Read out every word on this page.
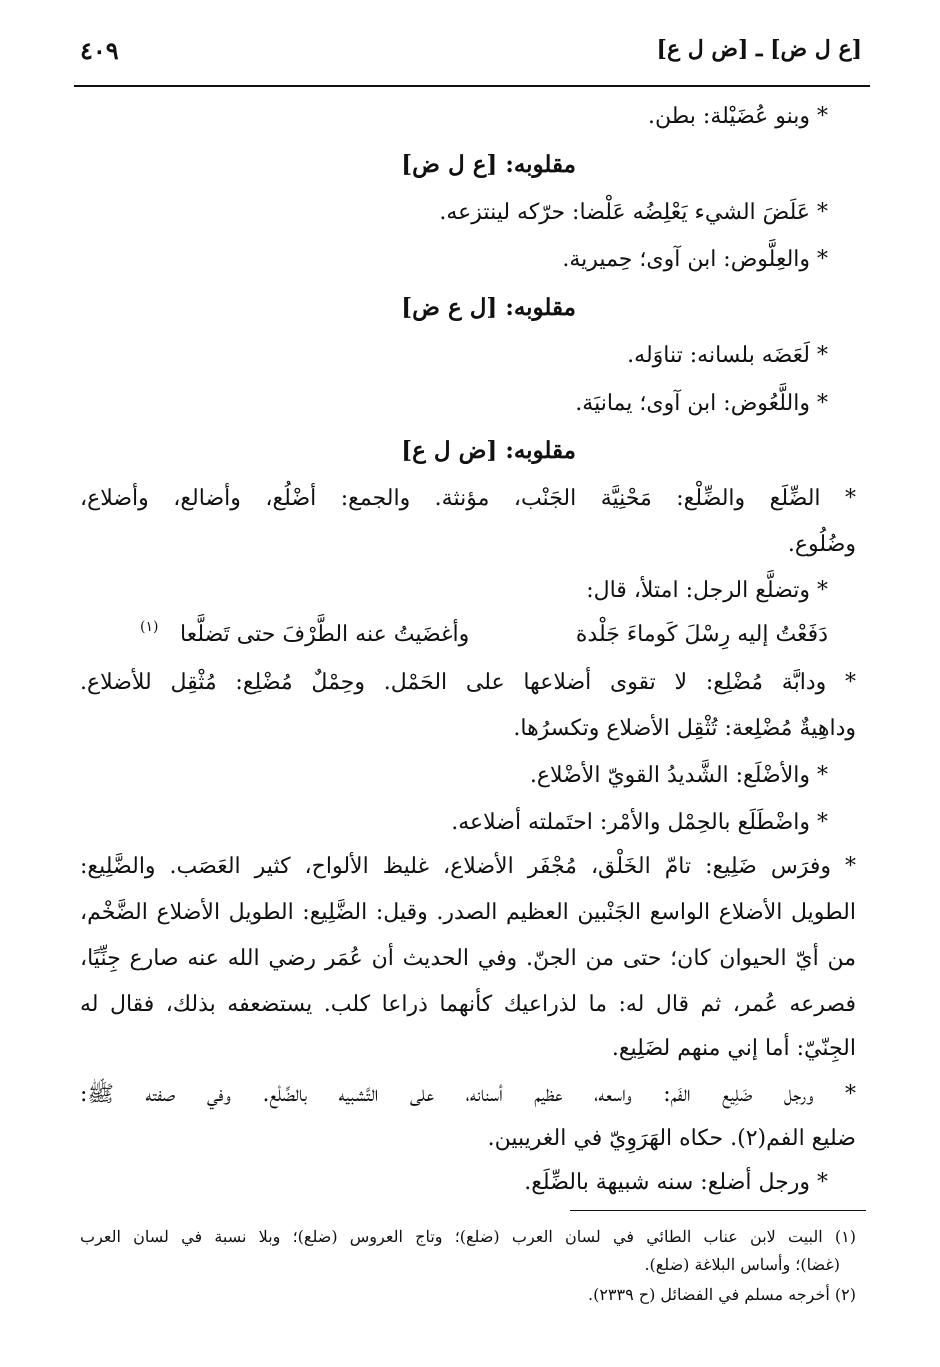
[ع ل ض] ـ [ض ل ع]
٤٠٩
* وبنو عُضَيْلة: بطن.
مقلوبه: [ع ل ض]
* عَلَضَ الشيء يَعْلِضُه عَلْضا: حرّكه لينتزعه.
* والعِلَّوض: ابن آوى؛ حِميرية.
مقلوبه: [ل ع ض]
* لَعَضَه بلسانه: تناوَله.
* واللَّعُوض: ابن آوى؛ يمانيَة.
مقلوبه: [ض ل ع]
* الضِّلَع والضِّلْع: مَحْنِيَّة الجَنْب، مؤنثة. والجمع: أضْلُع، وأضالع، وأضلاع،
وضُلُوع.
* وتضلَّع الرجل: امتلأ، قال:
دَفَعْتُ إليه رِسْلَ كَوماءَ جَلْدة
وأغضَيتُ عنه الطَّرْفَ حتى تَضلَّعا
(١)
* ودابَّة مُضْلِع: لا تقوى أضلاعها على الحَمْل. وحِمْلٌ مُضْلِع: مُثْقِل للأضلاع.
وداهِيةٌ مُضْلِعة: تُثْقِل الأضلاع وتكسرُها.
* والأضْلَع: الشَّديدُ القويّ الأضْلاع.
* واضْطَلَع بالحِمْل والأمْر: احتَملته أضلاعه.
* وفرَس ضَلِيع: تامّ الخَلْق، مُجْفَر الأضلاع، غليظ الألواح، كثير العَصَب. والضَّلِيع:
الطويل الأضلاع الواسع الجَنْبين العظيم الصدر. وقيل: الضَّلِيع: الطويل الأضلاع الضَّخْم،
من أيّ الحيوان كان؛ حتى من الجنّ. وفي الحديث أن عُمَر رضي الله عنه صارع جِنِّيًا،
فصرعه عُمر، ثم قال له: ما لذراعيك كأنهما ذراعا كلب. يستضعفه بذلك، فقال له
الجِنّيّ: أما إني منهم لضَلِيع.
* ورجل ضَلِيع الفَم: واسعه، عظيم أسنانه، على التَّشبيه بالضِّلْع. وفي صفته ﷺ:
ضليع الفم(٢). حكاه الهَرَوِيّ في الغريبين.
* ورجل أضلع: سنه شبيهة بالضِّلَع.
(١) البيت لابن عناب الطائي في لسان العرب (ضلع)؛ وتاج العروس (ضلع)؛ وبلا نسبة في لسان العرب
(غضا)؛ وأساس البلاغة (ضلع).
(٢) أخرجه مسلم في الفضائل (ح ٢٣٣٩).
